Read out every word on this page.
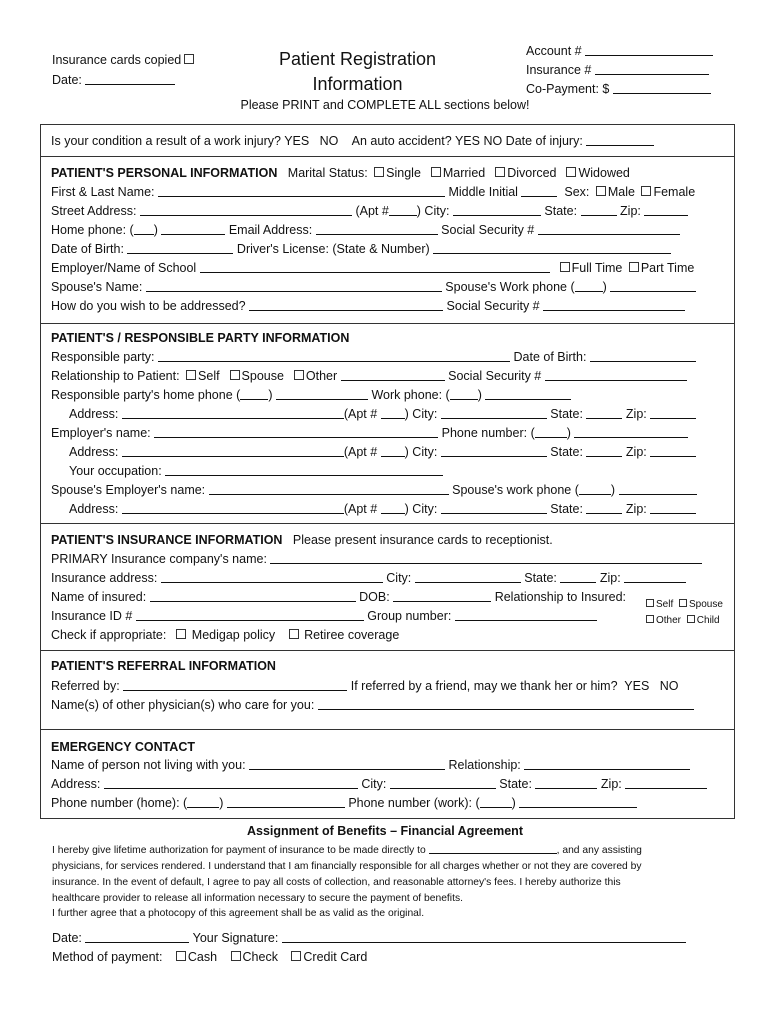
Insurance cards copied
Date:
Patient Registration
Information
Account #
Insurance #
Co-Payment: $
Please PRINT and COMPLETE ALL sections below!
Is your condition a result of a work injury? YES NO An auto accident? YES NO Date of injury:
PATIENT'S PERSONAL INFORMATION Marital Status: Single Married Divorced Widowed
First & Last Name:	Middle Initial	Sex: Male Female
Street Address:	(Apt # ) City:	State:	Zip:
Home phone: ( )	Email Address:	Social Security #
Date of Birth:	Driver's License: (State & Number)
Employer/Name of School	Full Time Part Time
Spouse's Name:	Spouse's Work phone ( )
How do you wish to be addressed?	Social Security #
PATIENT'S / RESPONSIBLE PARTY INFORMATION
Responsible party:	Date of Birth:
Relationship to Patient: Self Spouse Other	Social Security #
Responsible party's home phone ( )	Work phone: ( )
Address:	(Apt # ) City:	State:	Zip:
Employer's name:	Phone number: (	)
Address:	(Apt # ) City:	State:	Zip:
Your occupation:
Spouse's Employer's name:	Spouse's work phone (	)
Address:	(Apt # ) City:	State:	Zip:
PATIENT'S INSURANCE INFORMATION Please present insurance cards to receptionist.
PRIMARY Insurance company's name:
Insurance address:	City:	State:	Zip:
Name of insured:	DOB:	Relationship to Insured:
Insurance ID #	Group number:
Self Spouse
Other Child
Check if appropriate: Medigap policy Retiree coverage
PATIENT'S REFERRAL INFORMATION
Referred by:	If referred by a friend, may we thank her or him? YES NO
Name(s) of other physician(s) who care for you:
EMERGENCY CONTACT
Name of person not living with you:	Relationship:
Address:	City:	State:	Zip:
Phone number (home): (	)	Phone number (work): (	)
Assignment of Benefits – Financial Agreement
I hereby give lifetime authorization for payment of insurance to be made directly to	, and any assisting
physicians, for services rendered. I understand that I am financially responsible for all charges whether or not they are covered by
insurance. In the event of default, I agree to pay all costs of collection, and reasonable attorney's fees. I hereby authorize this
healthcare provider to release all information necessary to secure the payment of benefits.
I further agree that a photocopy of this agreement shall be as valid as the original.
Date:	Your Signature:
Method of payment: Cash Check Credit Card
